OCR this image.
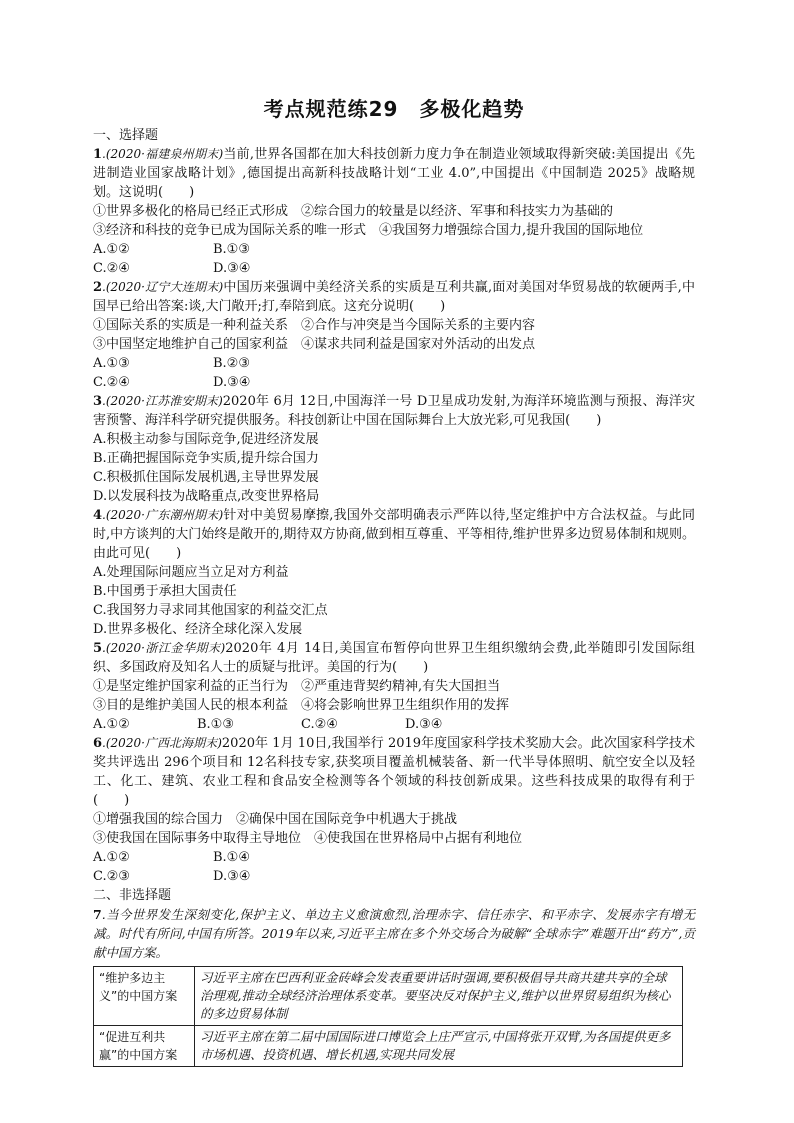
考点规范练29　多极化趋势

一、选择题

1.(2020·福建泉州期末)当前,世界各国都在加大科技创新力度力争在制造业领域取得新突破:美国提出《先进制造业国家战略计划》,德国提出高新科技战略计划“工业 4.0”,中国提出《中国制造 2025》战略规划。这说明(　　)

①世界多极化的格局已经正式形成　②综合国力的较量是以经济、军事和科技实力为基础的

③经济和科技的竞争已成为国际关系的唯一形式　④我国努力增强综合国力,提升我国的国际地位

A.①②	B.①③
C.②④	D.③④

2.(2020·辽宁大连期末)中国历来强调中美经济关系的实质是互利共赢,面对美国对华贸易战的软硬两手,中国早已给出答案:谈,大门敞开;打,奉陪到底。这充分说明(　　)

①国际关系的实质是一种利益关系　②合作与冲突是当今国际关系的主要内容

③中国坚定地维护自己的国家利益　④谋求共同利益是国家对外活动的出发点

A.①③	B.②③
C.②④	D.③④

3.(2020·江苏淮安期末)2020年 6月 12日,中国海洋一号 D卫星成功发射,为海洋环境监测与预报、海洋灾害预警、海洋科学研究提供服务。科技创新让中国在国际舞台上大放光彩,可见我国(　　)

A.积极主动参与国际竞争,促进经济发展

B.正确把握国际竞争实质,提升综合国力

C.积极抓住国际发展机遇,主导世界发展

D.以发展科技为战略重点,改变世界格局

4.(2020·广东潮州期末)针对中美贸易摩擦,我国外交部明确表示严阵以待,坚定维护中方合法权益。与此同时,中方谈判的大门始终是敞开的,期待双方协商,做到相互尊重、平等相待,维护世界多边贸易体制和规则。由此可见(　　)

A.处理国际问题应当立足对方利益

B.中国勇于承担大国责任

C.我国努力寻求同其他国家的利益交汇点

D.世界多极化、经济全球化深入发展

5.(2020·浙江金华期末)2020年 4月 14日,美国宣布暂停向世界卫生组织缴纳会费,此举随即引发国际组织、多国政府及知名人士的质疑与批评。美国的行为(　　)

①是坚定维护国家利益的正当行为　②严重违背契约精神,有失大国担当

③目的是维护美国人民的根本利益　④将会影响世界卫生组织作用的发挥

A.①②	B.①③	C.②④	D.③④

6.(2020·广西北海期末)2020年 1月 10日,我国举行 2019年度国家科学技术奖励大会。此次国家科学技术奖共评选出 296个项目和 12名科技专家,获奖项目覆盖机械装备、新一代半导体照明、航空安全以及轻工、化工、建筑、农业工程和食品安全检测等各个领域的科技创新成果。这些科技成果的取得有利于(　　)

①增强我国的综合国力　②确保中国在国际竞争中机遇大于挑战

③使我国在国际事务中取得主导地位　④使我国在世界格局中占据有利地位

A.①②	B.①④
C.②③	D.③④

二、非选择题

7.当今世界发生深刻变化,保护主义、单边主义愈演愈烈,治理赤字、信任赤字、和平赤字、发展赤字有增无减。时代有所问,中国有所答。2019年以来,习近平主席在多个外交场合为破解“全球赤字”难题开出“药方”,贡献中国方案。

“维护多边主义”的中国方案	习近平主席在巴西利亚金砖峰会发表重要讲话时强调,要积极倡导共商共建共享的全球治理观,推动全球经济治理体系变革。要坚决反对保护主义,维护以世界贸易组织为核心的多边贸易体制
“促进互利共赢”的中国方案	习近平主席在第二届中国国际进口博览会上庄严宣示,中国将张开双臂,为各国提供更多市场机遇、投资机遇、增长机遇,实现共同发展
